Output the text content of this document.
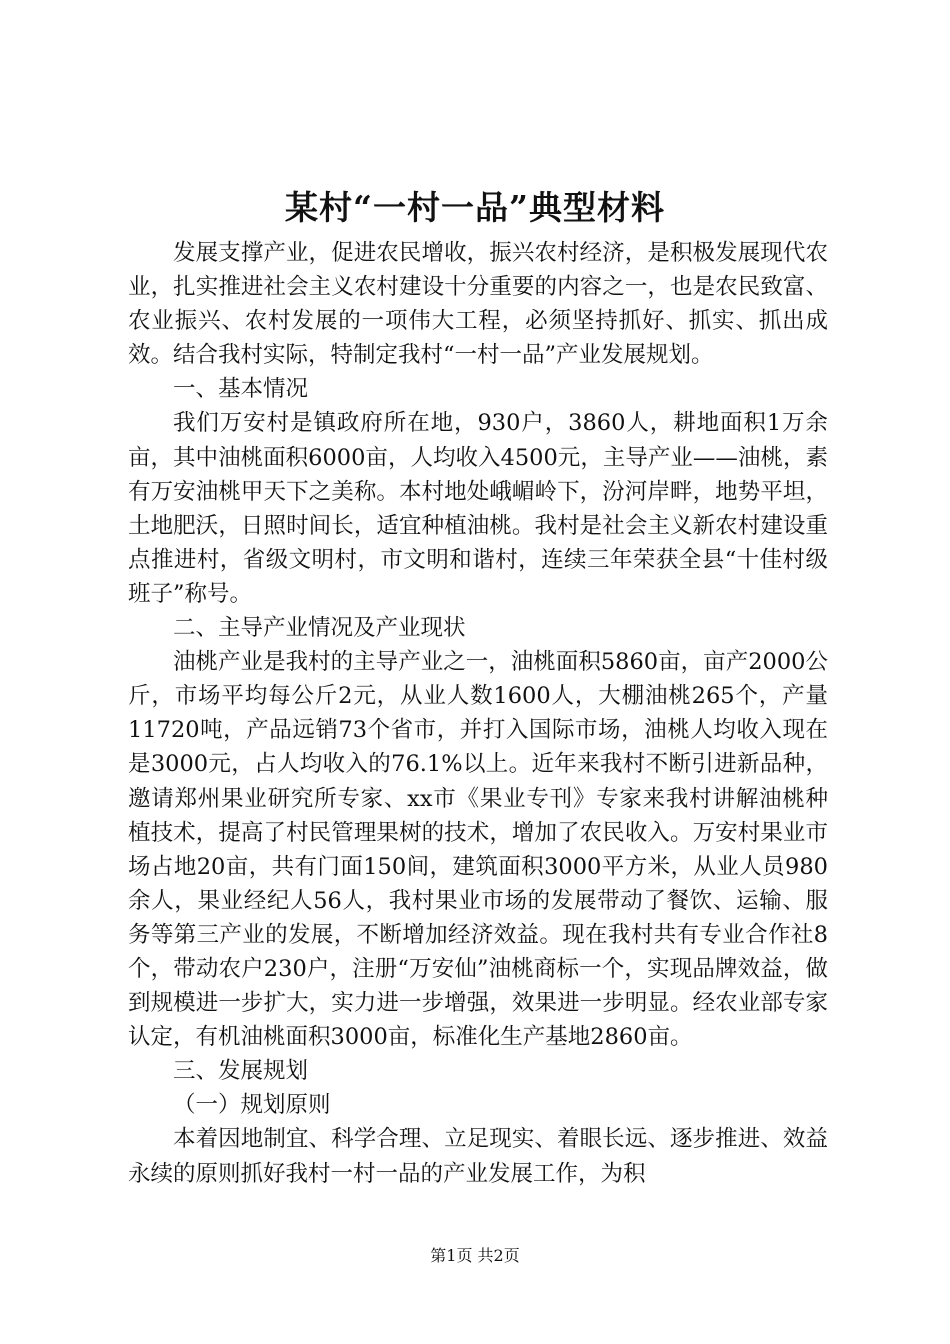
某村“一村一品”典型材料

发展支撑产业，促进农民增收，振兴农村经济，是积极发展现代农业，扎实推进社会主义农村建设十分重要的内容之一，也是农民致富、农业振兴、农村发展的一项伟大工程，必须坚持抓好、抓实、抓出成效。结合我村实际，特制定我村“一村一品”产业发展规划。

一、基本情况

我们万安村是镇政府所在地，930户，3860人，耕地面积1万余亩，其中油桃面积6000亩，人均收入4500元，主导产业——油桃，素有万安油桃甲天下之美称。本村地处峨嵋岭下，汾河岸畔，地势平坦，土地肥沃，日照时间长，适宜种植油桃。我村是社会主义新农村建设重点推进村，省级文明村，市文明和谐村，连续三年荣获全县“十佳村级班子”称号。

二、主导产业情况及产业现状

油桃产业是我村的主导产业之一，油桃面积5860亩，亩产2000公斤，市场平均每公斤2元，从业人数1600人，大棚油桃265个，产量11720吨，产品远销73个省市，并打入国际市场，油桃人均收入现在是3000元，占人均收入的76.1%以上。近年来我村不断引进新品种，邀请郑州果业研究所专家、xx市《果业专刊》专家来我村讲解油桃种植技术，提高了村民管理果树的技术，增加了农民收入。万安村果业市场占地20亩，共有门面150间，建筑面积3000平方米，从业人员980余人，果业经纪人56人，我村果业市场的发展带动了餐饮、运输、服务等第三产业的发展，不断增加经济效益。现在我村共有专业合作社8个，带动农户230户，注册“万安仙”油桃商标一个，实现品牌效益，做到规模进一步扩大，实力进一步增强，效果进一步明显。经农业部专家认定，有机油桃面积3000亩，标准化生产基地2860亩。

三、发展规划

（一）规划原则

本着因地制宜、科学合理、立足现实、着眼长远、逐步推进、效益永续的原则抓好我村一村一品的产业发展工作，为积

第1页 共2页
